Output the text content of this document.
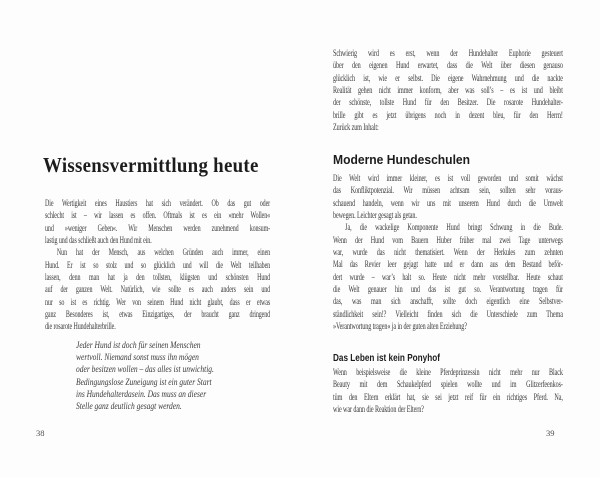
Wissensvermittlung heute
Die Wertigkeit eines Haustiers hat sich verändert. Ob das gut oder
schlecht ist – wir lassen es offen. Oftmals ist es ein »mehr Wollen«
und »weniger Geben«. Wir Menschen werden zunehmend konsum-
lastig und das schließt auch den Hund mit ein.
Nun hat der Mensch, aus welchen Gründen auch immer, einen
Hund. Er ist so stolz und so glücklich und will die Welt teilhaben
lassen, denn man hat ja den tollsten, klügsten und schönsten Hund
auf der ganzen Welt. Natürlich, wie sollte es auch anders sein und
nur so ist es richtig. Wer von seinem Hund nicht glaubt, dass er etwas
ganz Besonderes ist, etwas Einzigartiges, der braucht ganz dringend
die rosarote Hundehalterbrille.
Jeder Hund ist doch für seinen Menschen
wertvoll. Niemand sonst muss ihn mögen
oder besitzen wollen – das alles ist unwichtig.
Bedingungslose Zuneigung ist ein guter Start
ins Hundehalterdasein. Das muss an dieser
Stelle ganz deutlich gesagt werden.
38
Schwierig wird es erst, wenn der Hundehalter Euphorie gesteuert
über den eigenen Hund erwartet, dass die Welt über diesen genauso
glücklich ist, wie er selbst. Die eigene Wahrnehmung und die nackte
Realität gehen nicht immer konform, aber was soll’s – es ist und bleibt
der schönste, tollste Hund für den Besitzer. Die rosarote Hundehalter-
brille gibt es jetzt übrigens noch in dezent bleu, für den Herrn!
Zurück zum Inhalt:
Moderne Hundeschulen
Die Welt wird immer kleiner, es ist voll geworden und somit wächst
das Konfliktpotenzial. Wir müssen achtsam sein, sollten sehr voraus-
schauend handeln, wenn wir uns mit unserem Hund durch die Umwelt
bewegen. Leichter gesagt als getan.
Ja, die wackelige Komponente Hund bringt Schwung in die Bude.
Wenn der Hund vom Bauern Huber früher mal zwei Tage unterwegs
war, wurde das nicht thematisiert. Wenn der Herkules zum zehnten
Mal das Revier leer gejagt hatte und er dann aus dem Bestand beför-
dert wurde – war’s halt so. Heute nicht mehr vorstellbar. Heute schaut
die Welt genauer hin und das ist gut so. Verantwortung tragen für
das, was man sich anschafft, sollte doch eigentlich eine Selbstver-
ständlichkeit sein!? Vielleicht finden sich die Unterschiede zum Thema
»Verantwortung tragen« ja in der guten alten Erziehung?
Das Leben ist kein Ponyhof
Wenn beispielsweise die kleine Pferdeprinzessin nicht mehr nur Black
Beauty mit dem Schaukelpferd spielen wollte und im Glitzerfeenkos-
tüm den Eltern erklärt hat, sie sei jetzt reif für ein richtiges Pferd. Na,
wie war dann die Reaktion der Eltern?
39
